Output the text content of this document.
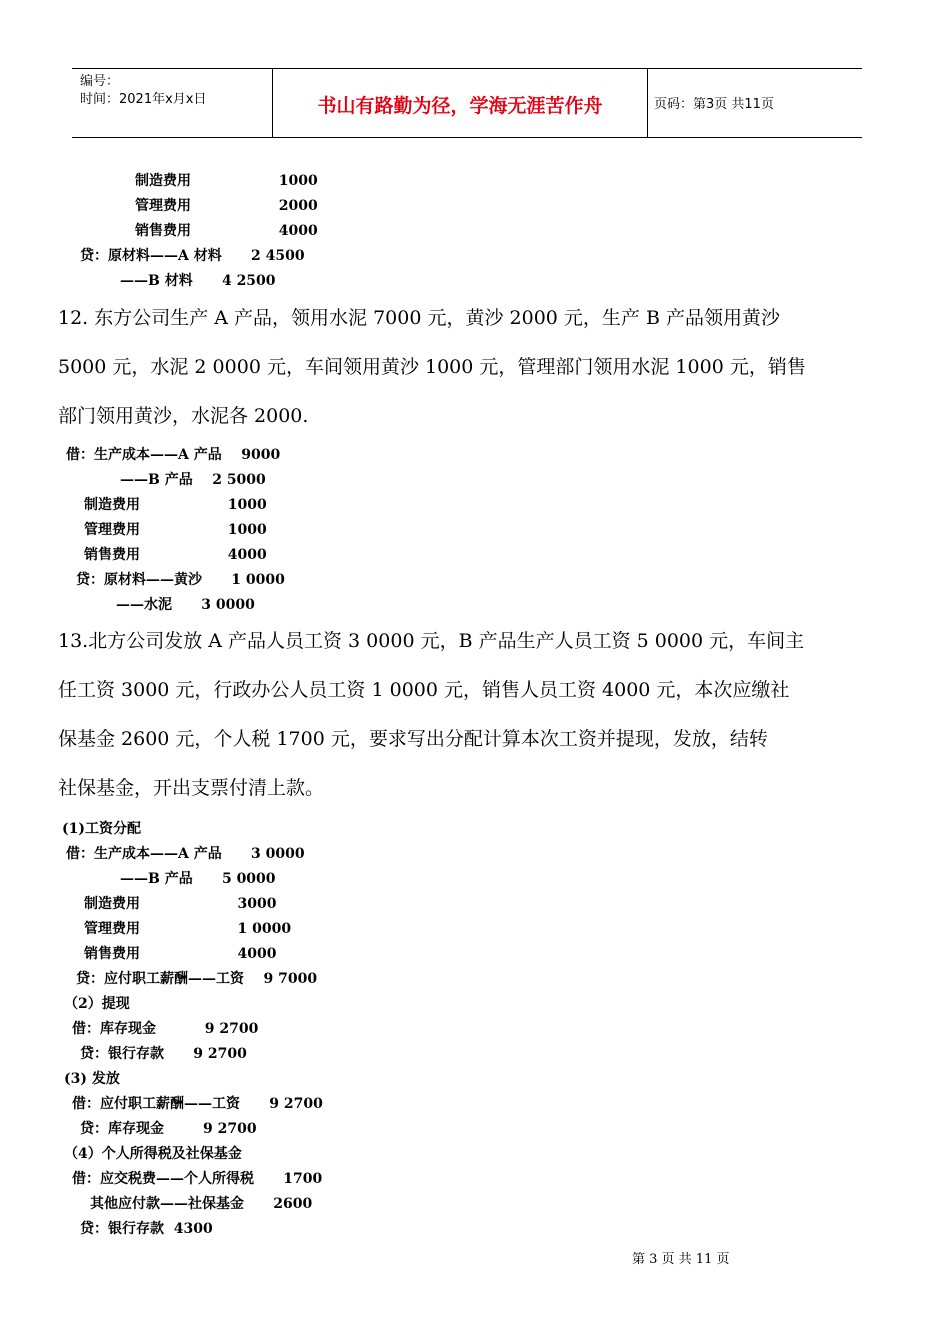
编号：
时间：2021年x月x日	书山有路勤为径，学海无涯苦作舟	页码：第3页 共11页
制造费用                  1000
管理费用                  2000
销售费用                  4000
贷：原材料——A 材料      2 4500
——B 材料      4 2500
12. 东方公司生产 A 产品，领用水泥 7000 元，黄沙 2000 元，生产 B 产品领用黄沙
5000 元，水泥 2 0000 元，车间领用黄沙 1000 元，管理部门领用水泥 1000 元，销售
部门领用黄沙，水泥各 2000.
借：生产成本——A 产品    9000
——B 产品    2 5000
制造费用                  1000
管理费用                  1000
销售费用                  4000
贷：原材料——黄沙      1 0000
——水泥      3 0000
13.北方公司发放 A 产品人员工资 3 0000 元，B 产品生产人员工资 5 0000 元，车间主
任工资 3000 元，行政办公人员工资 1 0000 元，销售人员工资 4000 元，本次应缴社
保基金 2600 元，个人税 1700 元，要求写出分配计算本次工资并提现，发放，结转
社保基金，开出支票付清上款。
(1)工资分配
借：生产成本——A 产品      3 0000
——B 产品      5 0000
制造费用                    3000
管理费用                    1 0000
销售费用                    4000
贷：应付职工薪酬——工资    9 7000
（2）提现
借：库存现金          9 2700
贷：银行存款      9 2700
(3) 发放
借：应付职工薪酬——工资      9 2700
贷：库存现金        9 2700
（4）个人所得税及社保基金
借：应交税费——个人所得税      1700
其他应付款——社保基金      2600
贷：银行存款  4300
第 3 页 共 11 页
